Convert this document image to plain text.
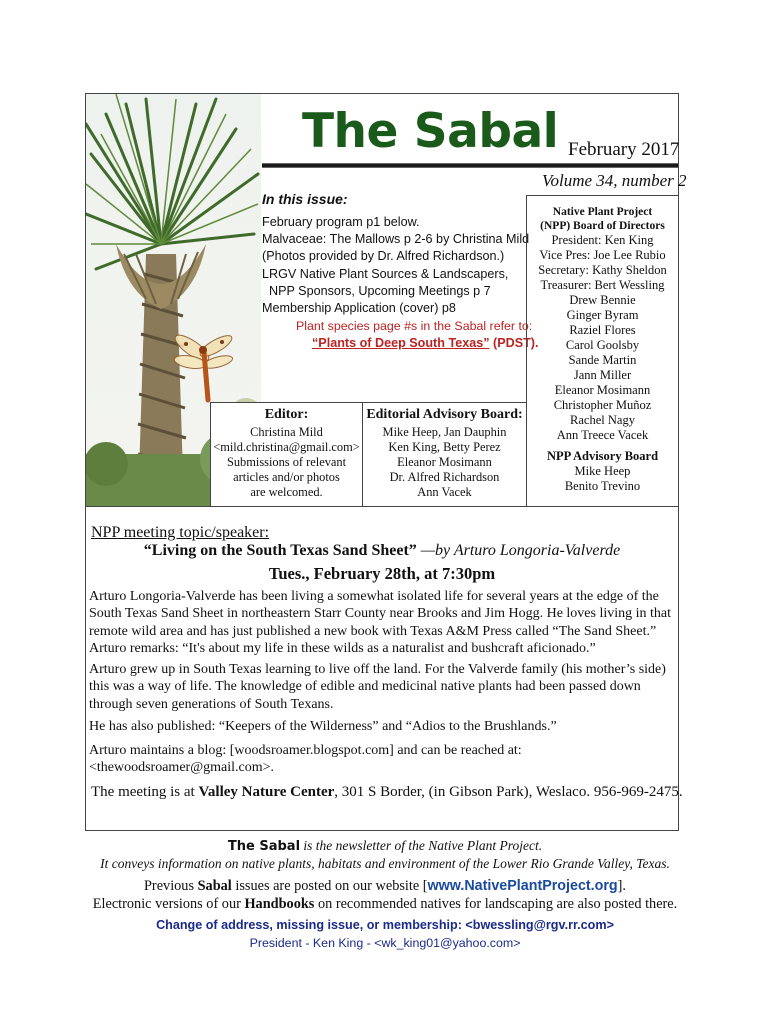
The Sabal February 2017
Volume 34, number 2
In this issue:
February program p1 below.
Malvaceae: The Mallows p 2-6 by Christina Mild
(Photos provided by Dr. Alfred Richardson.)
LRGV Native Plant Sources & Landscapers,
NPP Sponsors, Upcoming Meetings p 7
Membership Application (cover) p8
Plant species page #s in the Sabal refer to:
“Plants of Deep South Texas” (PDST).
Native Plant Project
(NPP) Board of Directors
President: Ken King
Vice Pres: Joe Lee Rubio
Secretary: Kathy Sheldon
Treasurer: Bert Wessling
Drew Bennie
Ginger Byram
Raziel Flores
Carol Goolsby
Sande Martin
Jann Miller
Eleanor Mosimann
Christopher Muñoz
Rachel Nagy
Ann Treece Vacek
NPP Advisory Board
Mike Heep
Benito Trevino
Editor:
Christina Mild
<mild.christina@gmail.com>
Submissions of relevant
articles and/or photos
are welcomed.
Editorial Advisory Board:
Mike Heep, Jan Dauphin
Ken King, Betty Perez
Eleanor Mosimann
Dr. Alfred Richardson
Ann Vacek
NPP meeting topic/speaker:
“Living on the South Texas Sand Sheet” —by Arturo Longoria-Valverde
Tues., February 28th, at 7:30pm
Arturo Longoria-Valverde has been living a somewhat isolated life for several years at the edge of the South Texas Sand Sheet in northeastern Starr County near Brooks and Jim Hogg. He loves living in that remote wild area and has just published a new book with Texas A&M Press called “The Sand Sheet.” Arturo remarks: “It's about my life in these wilds as a naturalist and bushcraft aficionado.”
Arturo grew up in South Texas learning to live off the land. For the Valverde family (his mother’s side) this was a way of life. The knowledge of edible and medicinal native plants had been passed down through seven generations of South Texans.
He has also published: “Keepers of the Wilderness” and “Adios to the Brushlands.”
Arturo maintains a blog: [woodsroamer.blogspot.com] and can be reached at: <thewoodsroamer@gmail.com>.
The meeting is at Valley Nature Center, 301 S Border, (in Gibson Park), Weslaco. 956-969-2475.
The Sabal is the newsletter of the Native Plant Project.
It conveys information on native plants, habitats and environment of the Lower Rio Grande Valley, Texas.
Previous Sabal issues are posted on our website [www.NativePlantProject.org].
Electronic versions of our Handbooks on recommended natives for landscaping are also posted there.
Change of address, missing issue, or membership: <bwessling@rgv.rr.com>
President - Ken King - <wk_king01@yahoo.com>
